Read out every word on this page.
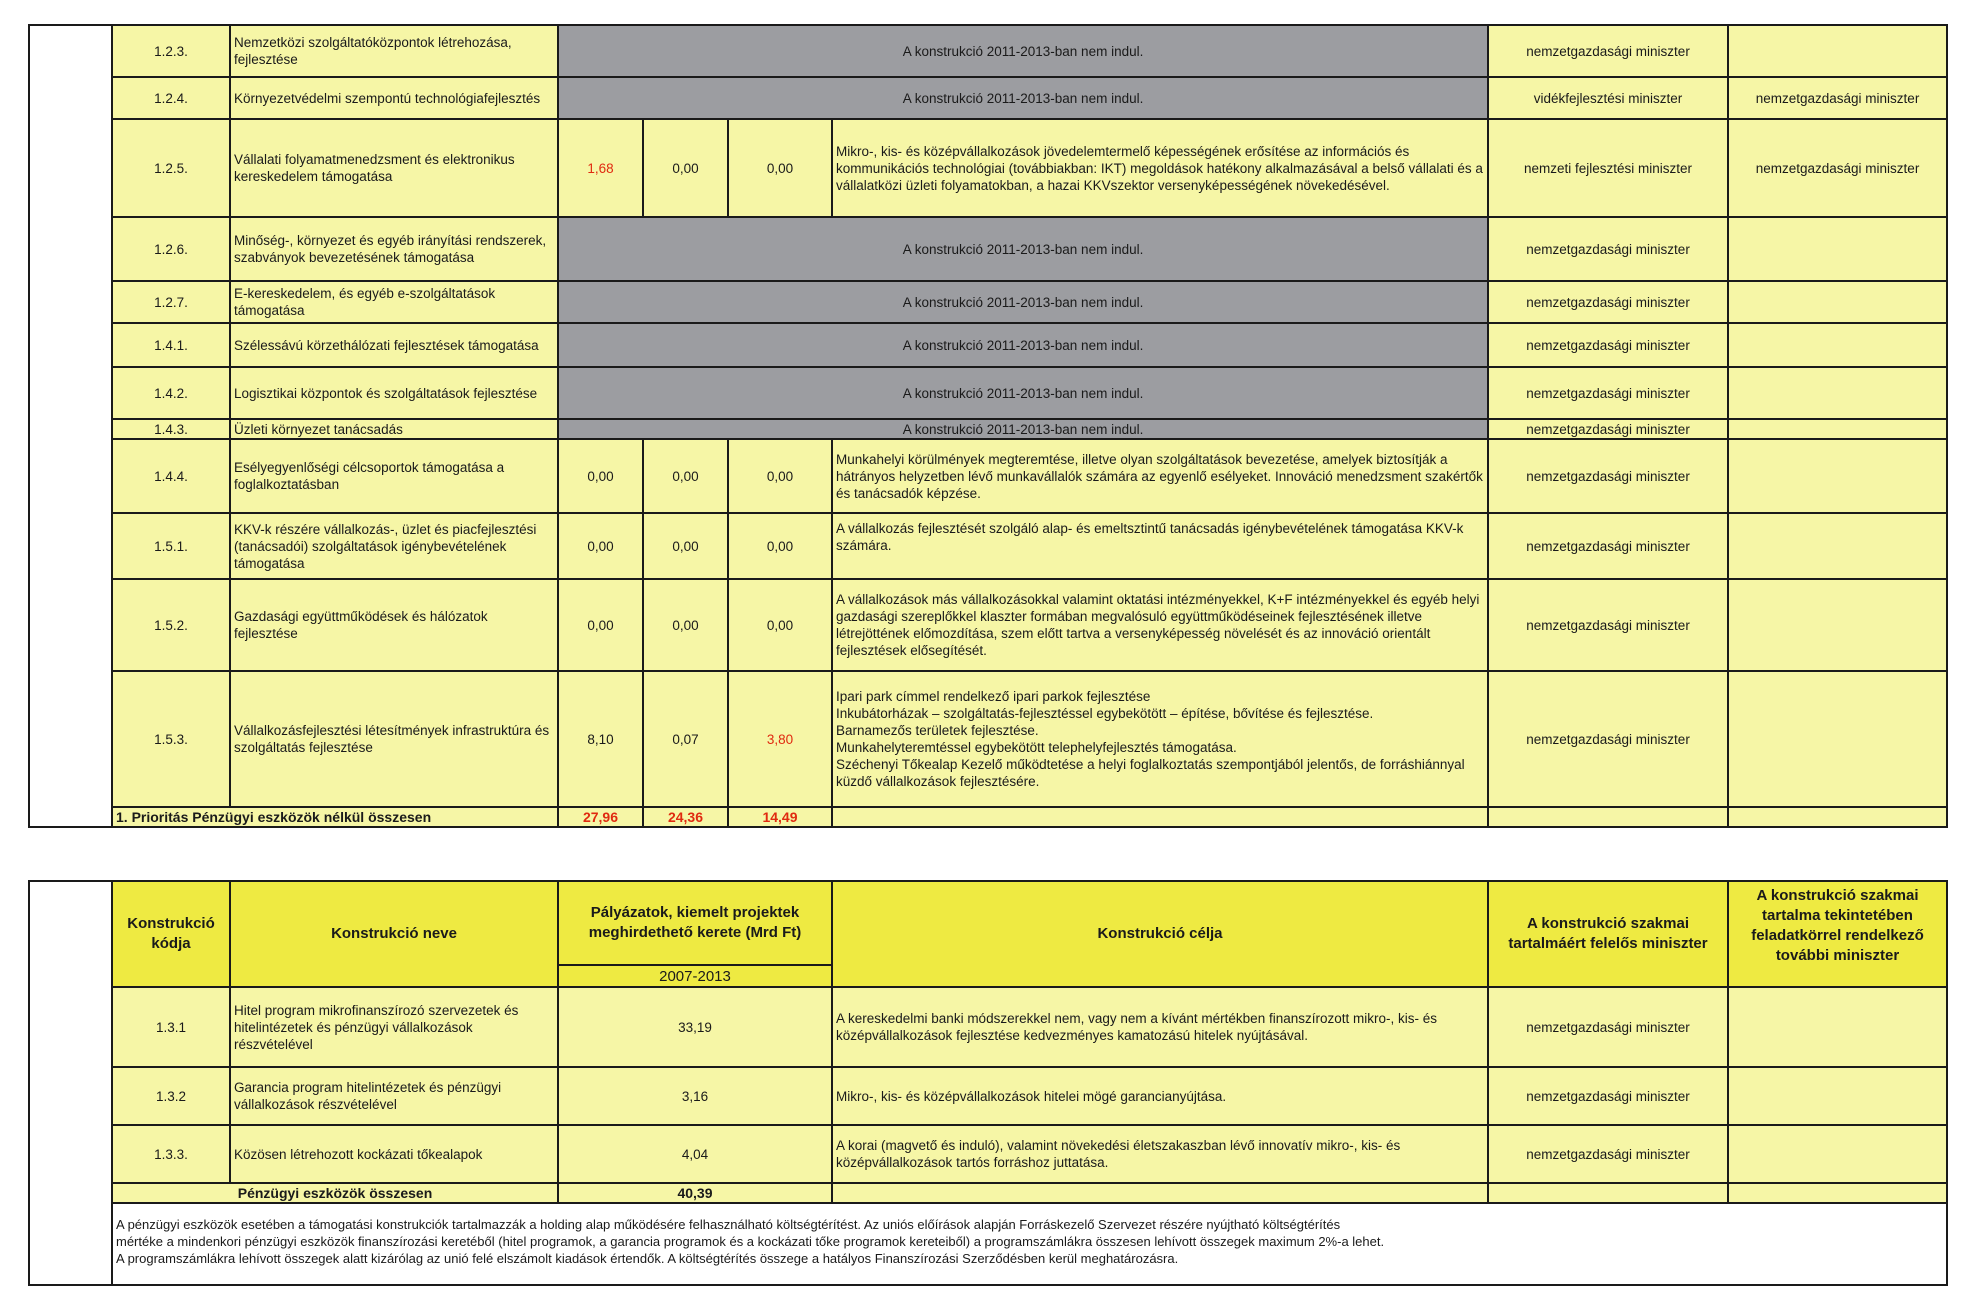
	1.2.3.	Nemzetközi szolgáltatóközpontok létrehozása, fejlesztése	A konstrukció 2011-2013-ban nem indul.				nemzetgazdasági miniszter	
	1.2.4.	Környezetvédelmi szempontú technológiafejlesztés	A konstrukció 2011-2013-ban nem indul.				vidékfejlesztési miniszter	nemzetgazdasági miniszter
	1.2.5.	Vállalati folyamatmenedzsment és elektronikus kereskedelem támogatása	1,68	0,00	0,00	Mikro-, kis- és középvállalkozások jövedelemtermelő képességének erősítése az információs és kommunikációs technológiai (továbbiakban: IKT) megoldások hatékony alkalmazásával a belső vállalati és a vállalatközi üzleti folyamatokban, a hazai KKVszektor versenyképességének növekedésével.	nemzeti fejlesztési miniszter	nemzetgazdasági miniszter
	1.2.6.	Minőség-, környezet és egyéb irányítási rendszerek, szabványok bevezetésének támogatása	A konstrukció 2011-2013-ban nem indul.				nemzetgazdasági miniszter	
	1.2.7.	E-kereskedelem, és egyéb e-szolgáltatások támogatása	A konstrukció 2011-2013-ban nem indul.				nemzetgazdasági miniszter	
	1.4.1.	Szélessávú körzethálózati fejlesztések támogatása	A konstrukció 2011-2013-ban nem indul.				nemzetgazdasági miniszter	
	1.4.2.	Logisztikai központok és szolgáltatások fejlesztése	A konstrukció 2011-2013-ban nem indul.				nemzetgazdasági miniszter	
	1.4.3.	Üzleti környezet tanácsadás	A konstrukció 2011-2013-ban nem indul.				nemzetgazdasági miniszter	
	1.4.4.	Esélyegyenlőségi célcsoportok támogatása a foglalkoztatásban	0,00	0,00	0,00	Munkahelyi körülmények megteremtése, illetve olyan szolgáltatások bevezetése, amelyek biztosítják a hátrányos helyzetben lévő munkavállalók számára az egyenlő esélyeket. Innováció menedzsment szakértők és tanácsadók képzése.	nemzetgazdasági miniszter	
	1.5.1.	KKV-k részére vállalkozás-, üzlet és piacfejlesztési (tanácsadói) szolgáltatások igénybevételének támogatása	0,00	0,00	0,00	A vállalkozás fejlesztését szolgáló alap- és emeltsztintű tanácsadás igénybevételének támogatása KKV-k számára.	nemzetgazdasági miniszter	
	1.5.2.	Gazdasági együttműködések és hálózatok fejlesztése	0,00	0,00	0,00	A vállalkozások más vállalkozásokkal valamint oktatási intézményekkel, K+F intézményekkel és egyéb helyi gazdasági szereplőkkel klaszter formában megvalósuló együttműködéseinek fejlesztésének illetve létrejöttének előmozdítása, szem előtt tartva a versenyképesség növelését és az innováció orientált fejlesztések elősegítését.	nemzetgazdasági miniszter	
	1.5.3.	Vállalkozásfejlesztési létesítmények infrastruktúra és szolgáltatás fejlesztése	8,10	0,07	3,80	Ipari park címmel rendelkező ipari parkok fejlesztése
Inkubátorházak – szolgáltatás-fejlesztéssel egybekötött – építése, bővítése és fejlesztése.
Barnamezős területek fejlesztése.
Munkahelyteremtéssel egybekötött telephelyfejlesztés támogatása.
Széchenyi Tőkealap Kezelő működtetése a helyi foglalkoztatás szempontjából jelentős, de forráshiánnyal küzdő vállalkozások fejlesztésére.	nemzetgazdasági miniszter	
	1. Prioritás Pénzügyi eszközök nélkül összesen		27,96	24,36	14,49			
	Konstrukció kódja	Konstrukció neve	Pályázatok, kiemelt projektek meghirdethető kerete (Mrd Ft)	Konstrukció célja	A konstrukció szakmai tartalmáért felelős miniszter	A konstrukció szakmai tartalma tekintetében feladatkörrel rendelkező további miniszter
			2007-2013			
	1.3.1	Hitel program mikrofinanszírozó szervezetek és hitelintézetek és pénzügyi vállalkozások részvételével	33,19	A kereskedelmi banki módszerekkel nem, vagy nem a kívánt mértékben finanszírozott mikro-, kis- és középvállalkozások fejlesztése kedvezményes kamatozású hitelek nyújtásával.	nemzetgazdasági miniszter	
	1.3.2	Garancia program hitelintézetek és pénzügyi vállalkozások részvételével	3,16	Mikro-, kis- és középvállalkozások hitelei mögé garancianyújtása.	nemzetgazdasági miniszter	
	1.3.3.	Közösen létrehozott kockázati tőkealapok	4,04	A korai (magvető és induló), valamint növekedési életszakaszban lévő innovatív mikro-, kis- és középvállalkozások tartós forráshoz juttatása.	nemzetgazdasági miniszter	
	Pénzügyi eszközök összesen		40,39			
	A pénzügyi eszközök esetében a támogatási konstrukciók tartalmazzák a holding alap működésére felhasználható költségtérítést. Az uniós előírások alapján Forráskezelő Szervezet részére nyújtható költségtérítés
mértéke a mindenkori pénzügyi eszközök finanszírozási keretéből (hitel programok, a garancia programok és a kockázati tőke programok kereteiből) a programszámlákra összesen lehívott összegek maximum 2%-a lehet.
A programszámlákra lehívott összegek alatt kizárólag az unió felé elszámolt kiadások értendők. A költségtérítés összege a hatályos Finanszírozási Szerződésben kerül meghatározásra.					
